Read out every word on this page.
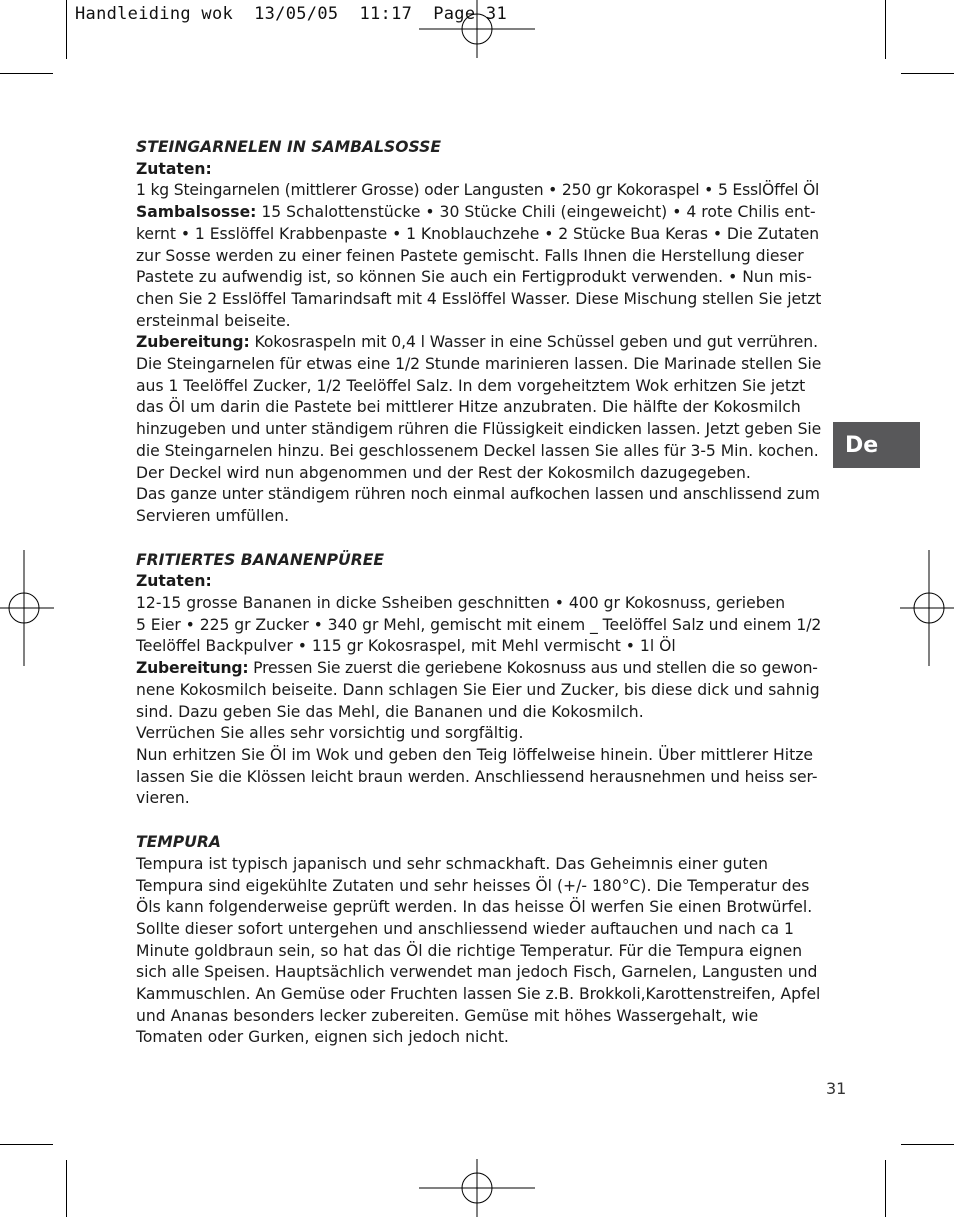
Handleiding wok 13/05/05 11:17 Page 31
De

STEINGARNELEN IN SAMBALSOSSE

Zutaten:

1 kg Steingarnelen (mittlerer Grosse) oder Langusten • 250 gr Kokoraspel • 5 EsslÖffel Öl

Sambalsosse: 15 Schalottenstücke • 30 Stücke Chili (eingeweicht) • 4 rote Chilis ent-

kernt • 1 Esslöffel Krabbenpaste • 1 Knoblauchzehe • 2 Stücke Bua Keras • Die Zutaten

zur Sosse werden zu einer feinen Pastete gemischt. Falls Ihnen die Herstellung dieser

Pastete zu aufwendig ist, so können Sie auch ein Fertigprodukt verwenden. • Nun mis-

chen Sie 2 Esslöffel Tamarindsaft mit 4 Esslöffel Wasser. Diese Mischung stellen Sie jetzt

ersteinmal beiseite.

Zubereitung: Kokosraspeln mit 0,4 l Wasser in eine Schüssel geben und gut verrühren.

Die Steingarnelen für etwas eine 1/2 Stunde marinieren lassen. Die Marinade stellen Sie

aus 1 Teelöffel Zucker, 1/2 Teelöffel Salz. In dem vorgeheitztem Wok erhitzen Sie jetzt

das Öl um darin die Pastete bei mittlerer Hitze anzubraten. Die hälfte der Kokosmilch

hinzugeben und unter ständigem rühren die Flüssigkeit eindicken lassen. Jetzt geben Sie

die Steingarnelen hinzu. Bei geschlossenem Deckel lassen Sie alles für 3-5 Min. kochen.

Der Deckel wird nun abgenommen und der Rest der Kokosmilch dazugegeben.

Das ganze unter ständigem rühren noch einmal aufkochen lassen und anschlissend zum

Servieren umfüllen.

FRITIERTES BANANENPÜREE

Zutaten:

12-15 grosse Bananen in dicke Ssheiben geschnitten • 400 gr Kokosnuss, gerieben

5 Eier • 225 gr Zucker • 340 gr Mehl, gemischt mit einem _ Teelöffel Salz und einem 1/2

Teelöffel Backpulver • 115 gr Kokosraspel, mit Mehl vermischt • 1l Öl

Zubereitung: Pressen Sie zuerst die geriebene Kokosnuss aus und stellen die so gewon-

nene Kokosmilch beiseite. Dann schlagen Sie Eier und Zucker, bis diese dick und sahnig

sind. Dazu geben Sie das Mehl, die Bananen und die Kokosmilch.

Verrüchen Sie alles sehr vorsichtig und sorgfältig.

Nun erhitzen Sie Öl im Wok und geben den Teig löffelweise hinein. Über mittlerer Hitze

lassen Sie die Klössen leicht braun werden. Anschliessend herausnehmen und heiss ser-

vieren.

TEMPURA

Tempura ist typisch japanisch und sehr schmackhaft. Das Geheimnis einer guten

Tempura sind eigekühlte Zutaten und sehr heisses Öl (+/- 180°C). Die Temperatur des

Öls kann folgenderweise geprüft werden. In das heisse Öl werfen Sie einen Brotwürfel.

Sollte dieser sofort untergehen und anschliessend wieder auftauchen und nach ca 1

Minute goldbraun sein, so hat das Öl die richtige Temperatur. Für die Tempura eignen

sich alle Speisen. Hauptsächlich verwendet man jedoch Fisch, Garnelen, Langusten und

Kammuschlen. An Gemüse oder Fruchten lassen Sie z.B. Brokkoli,Karottenstreifen, Apfel

und Ananas besonders lecker zubereiten. Gemüse mit höhes Wassergehalt, wie

Tomaten oder Gurken, eignen sich jedoch nicht.

31
